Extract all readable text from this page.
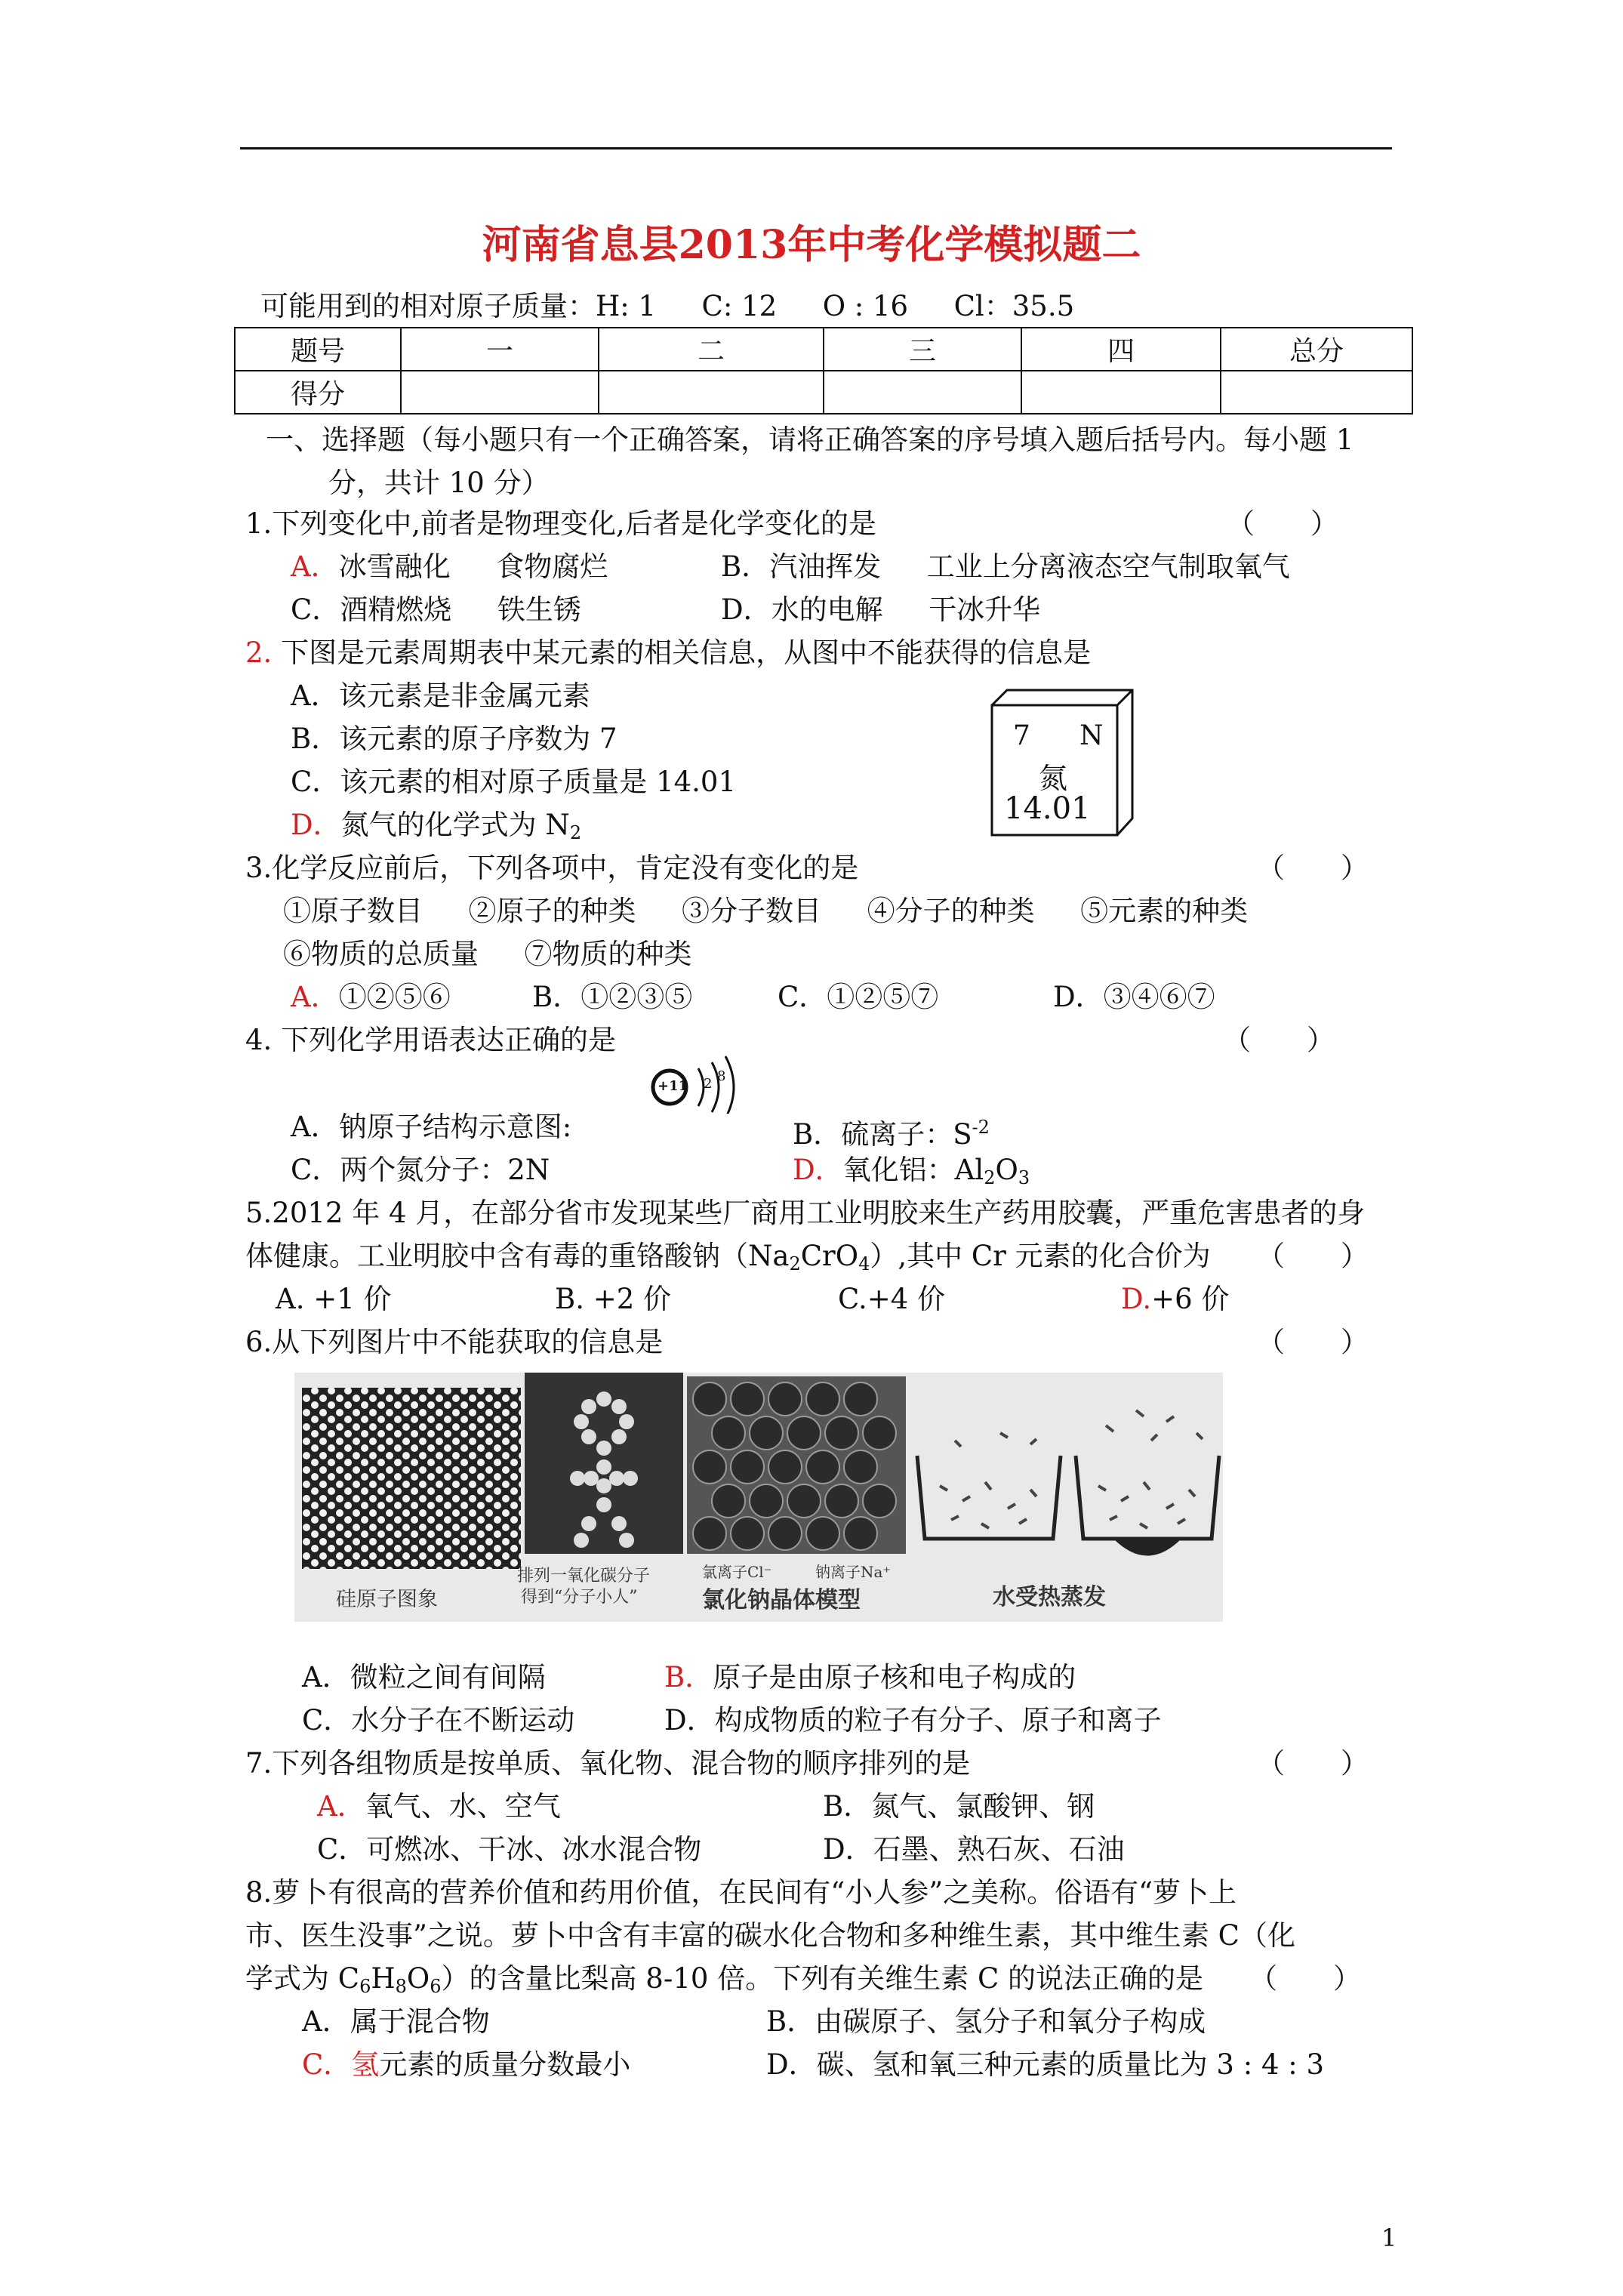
河南省息县2013年中考化学模拟题二
可能用到的相对原子质量：H: 1 　 C: 12 　 O : 16 　 Cl：35.5
题号	一	二	三	四	总分
得分					
一、选择题（每小题只有一个正确答案，请将正确答案的序号填入题后括号内。每小题 1
分，共计 10 分）
1.下列变化中,前者是物理变化,后者是化学变化的是	（　　）
A．冰雪融化 　 食物腐烂	B．汽油挥发 　 工业上分离液态空气制取氧气
C．酒精燃烧 　 铁生锈	D．水的电解 　 干冰升华
2. 下图是元素周期表中某元素的相关信息，从图中不能获得的信息是
A．该元素是非金属元素
B．该元素的原子序数为 7
C．该元素的相对原子质量是 14.01
D．氮气的化学式为 $N_2$
7 N
氮
14.01
3.化学反应前后，下列各项中，肯定没有变化的是	（　　）
①原子数目 　 ②原子的种类 　 ③分子数目 　 ④分子的种类 　 ⑤元素的种类
⑥物质的总质量 　 ⑦物质的种类
A．①②⑤⑥	B．①②③⑤	C．①②⑤⑦	D．③④⑥⑦
4. 下列化学用语表达正确的是	（　　）
+11 2 8
A．钠原子结构示意图:	B．硫离子：$S^{-2}$
C．两个氮分子：2N	D．氧化铝：$Al_2O_3$
5.2012 年 4 月，在部分省市发现某些厂商用工业明胶来生产药用胶囊，严重危害患者的身
体健康。工业明胶中含有毒的重铬酸钠$(Na_2CrO_4)$,其中 Cr 元素的化合价为 （　　）
A. +1 价	B. +2 价	C.+4 价	D.+6 价
6.从下列图片中不能获取的信息是	（　　）
硅原子图象
排列一氧化碳分子
得到“分子小人”
氯离子Cl⁻	钠离子Na⁺
氯化钠晶体模型	水受热蒸发
A．微粒之间有间隔	B．原子是由原子核和电子构成的
C．水分子在不断运动	D．构成物质的粒子有分子、原子和离子
7.下列各组物质是按单质、氧化物、混合物的顺序排列的是	（　　）
A．氧气、水、空气	B．氮气、氯酸钾、钢
C．可燃冰、干冰、冰水混合物	D．石墨、熟石灰、石油
8.萝卜有很高的营养价值和药用价值，在民间有“小人参”之美称。俗语有“萝卜上
市、医生没事”之说。萝卜中含有丰富的碳水化合物和多种维生素，其中维生素 C（化
学式为 $C_6H_8O_6$）的含量比梨高 8-10 倍。下列有关维生素 C 的说法正确的是 （　　）
A．属于混合物	B．由碳原子、氢分子和氧分子构成
C．氢元素的质量分数最小	D．碳、氢和氧三种元素的质量比为 3 : 4 : 3
1
